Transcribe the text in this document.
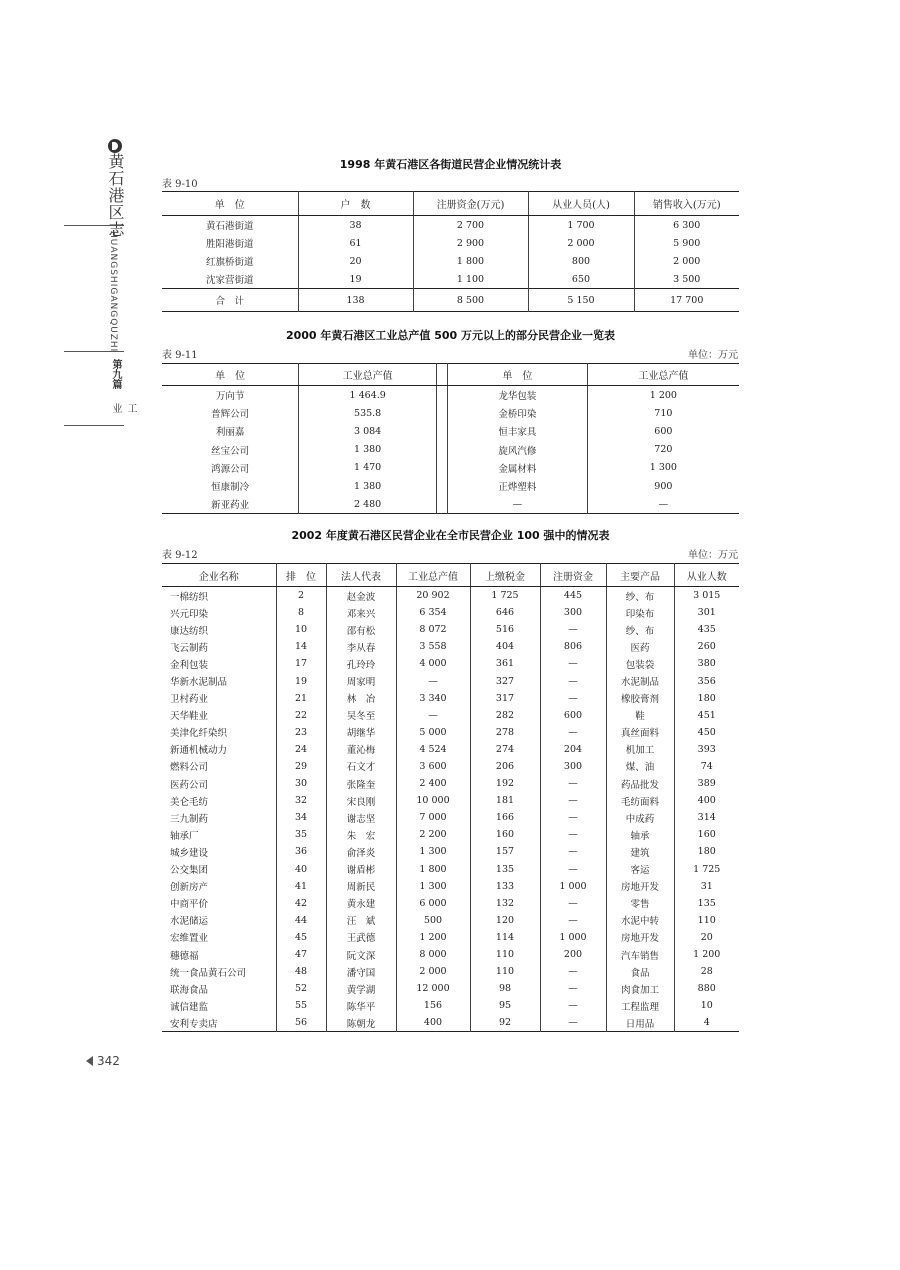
黄石港区志
HUANGSHIGANGQUZHI
第九篇
工业
1998 年黄石港区各街道民营企业情况统计表
表 9-10
单　位	户　数	注册资金(万元)	从业人员(人)	销售收入(万元)
黄石港街道	38	2 700	1 700	6 300
胜阳港街道	61	2 900	2 000	5 900
红旗桥街道	20	1 800	800	2 000
沈家营街道	19	1 100	650	3 500
合　计	138	8 500	5 150	17 700
2000 年黄石港区工业总产值 500 万元以上的部分民营企业一览表
表 9-11	单位：万元
单　位	工业总产值		单　位	工业总产值
万向节	1 464.9		龙华包装	1 200
普辉公司	535.8		金桥印染	710
利丽嘉	3 084		恒丰家具	600
丝宝公司	1 380		旋风汽修	720
鸿源公司	1 470		金属材料	1 300
恒康制冷	1 380		正烨塑料	900
新亚药业	2 480		—	—
2002 年度黄石港区民营企业在全市民营企业 100 强中的情况表
表 9-12	单位：万元
企业名称	排　位	法人代表	工业总产值	上缴税金	注册资金	主要产品	从业人数
一棉纺织	2	赵金波	20 902	1 725	445	纱、布	3 015
兴元印染	8	邓来兴	6 354	646	300	印染布	301
康达纺织	10	邵有松	8 072	516	—	纱、布	435
飞云制药	14	李从春	3 558	404	806	医药	260
金利包装	17	孔玲玲	4 000	361	—	包装袋	380
华新水泥制品	19	周家明	—	327	—	水泥制品	356
卫村药业	21	林　冶	3 340	317	—	橡胶膏剂	180
天华鞋业	22	吴冬至	—	282	600	鞋	451
美津化纤染织	23	胡继华	5 000	278	—	真丝面料	450
新通机械动力	24	董沁梅	4 524	274	204	机加工	393
燃料公司	29	石文才	3 600	206	300	煤、油	74
医药公司	30	张隆奎	2 400	192	—	药品批发	389
美仑毛纺	32	宋良刚	10 000	181	—	毛纺面料	400
三九制药	34	谢志坚	7 000	166	—	中成药	314
轴承厂	35	朱　宏	2 200	160	—	轴承	160
城乡建设	36	俞泽炎	1 300	157	—	建筑	180
公交集团	40	谢盾彬	1 800	135	—	客运	1 725
创新房产	41	周新民	1 300	133	1 000	房地开发	31
中商平价	42	黄永建	6 000	132	—	零售	135
水泥储运	44	汪　斌	500	120	—	水泥中转	110
宏维置业	45	王武德	1 200	114	1 000	房地开发	20
穗德福	47	阮文深	8 000	110	200	汽车销售	1 200
统一食品黄石公司	48	潘守国	2 000	110	—	食品	28
联海食品	52	黄学湖	12 000	98	—	肉食加工	880
诚信建监	55	陈华平	156	95	—	工程监理	10
安利专卖店	56	陈朝龙	400	92	—	日用品	4
342
